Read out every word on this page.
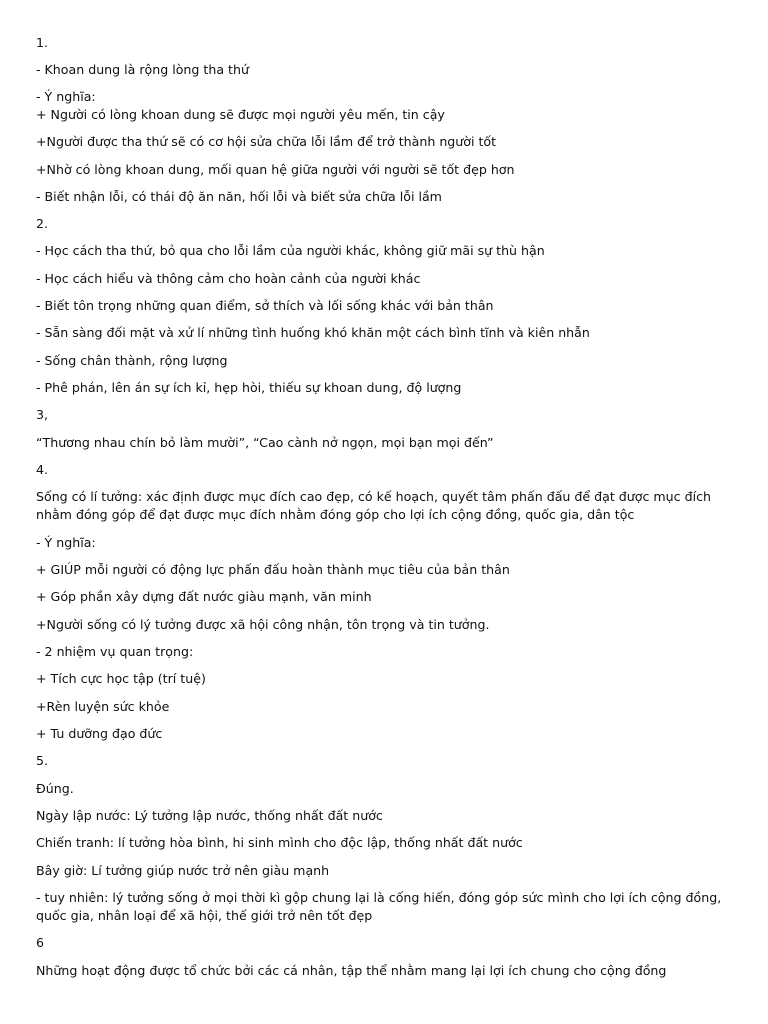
1.
- Khoan dung là rộng lòng tha thứ
- Ý nghĩa:
+ Người có lòng khoan dung sẽ được mọi người yêu mến, tin cậy
+Người được tha thứ sẽ có cơ hội sửa chữa lỗi lầm để trở thành người tốt
+Nhờ có lòng khoan dung, mối quan hệ giữa người với người sẽ tốt đẹp hơn
- Biết nhận lỗi, có thái độ ăn năn, hối lỗi và biết sửa chữa lỗi lầm
2.
- Học cách tha thứ, bỏ qua cho lỗi lầm của người khác, không giữ mãi sự thù hận
- Học cách hiểu và thông cảm cho hoàn cảnh của người khác
- Biết tôn trọng những quan điểm, sở thích và lối sống khác với bản thân
- Sẵn sàng đối mặt và xử lí những tình huống khó khăn một cách bình tĩnh và kiên nhẫn
- Sống chân thành, rộng lượng
- Phê phán, lên án sự ích kỉ, hẹp hòi, thiếu sự khoan dung, độ lượng
3,
“Thương nhau chín bỏ làm mười”, “Cao cành nở ngọn, mọi bạn mọi đến”
4.
Sống có lí tưởng: xác định được mục đích cao đẹp, có kế hoạch, quyết tâm phấn đấu để đạt được mục đích nhằm đóng góp để đạt được mục đích nhằm đóng góp cho lợi ích cộng đồng, quốc gia, dân tộc
- Ý nghĩa:
+ GIÚP mỗi người có động lực phấn đấu hoàn thành mục tiêu của bản thân
+ Góp phần xây dựng đất nước giàu mạnh, văn minh
+Người sống có lý tưởng được xã hội công nhận, tôn trọng và tin tưởng.
- 2 nhiệm vụ quan trọng:
+ Tích cực học tập (trí tuệ)
+Rèn luyện sức khỏe
+ Tu dưỡng đạo đức
5.
Đúng.
Ngày lập nước: Lý tưởng lập nước, thống nhất đất nước
Chiến tranh: lí tưởng hòa bình, hi sinh mình cho độc lập, thống nhất đất nước
Bây giờ: Lí tưởng giúp nước trở nên giàu mạnh
- tuy nhiên: lý tưởng sống ở mọi thời kì gộp chung lại là cống hiến, đóng góp sức mình cho lợi ích cộng đồng, quốc gia, nhân loại để xã hội, thế giới trở nên tốt đẹp
6
Những hoạt động được tổ chức bởi các cá nhân, tập thể nhằm mang lại lợi ích chung cho cộng đồng
